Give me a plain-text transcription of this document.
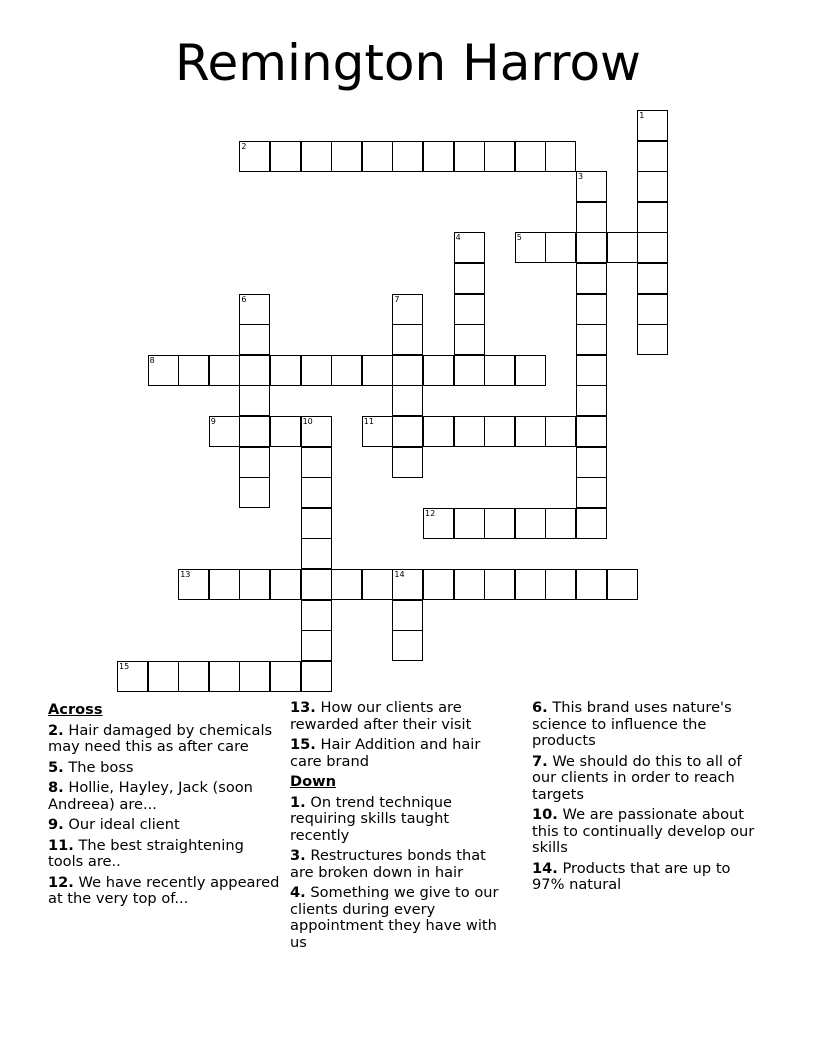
Remington Harrow
1
2
3
4	5
6	7
8
9	10	11
12
13	14
15
Across
2. Hair damaged by chemicals may need this as after care
5. The boss
8. Hollie, Hayley, Jack (soon Andreea) are...
9. Our ideal client
11. The best straightening tools are..
12. We have recently appeared at the very top of...
13. How our clients are rewarded after their visit
15. Hair Addition and hair care brand
Down
1. On trend technique requiring skills taught recently
3. Restructures bonds that are broken down in hair
4. Something we give to our clients during every appointment they have with us
6. This brand uses nature's science to influence the products
7. We should do this to all of our clients in order to reach targets
10. We are passionate about this to continually develop our skills
14. Products that are up to 97% natural
